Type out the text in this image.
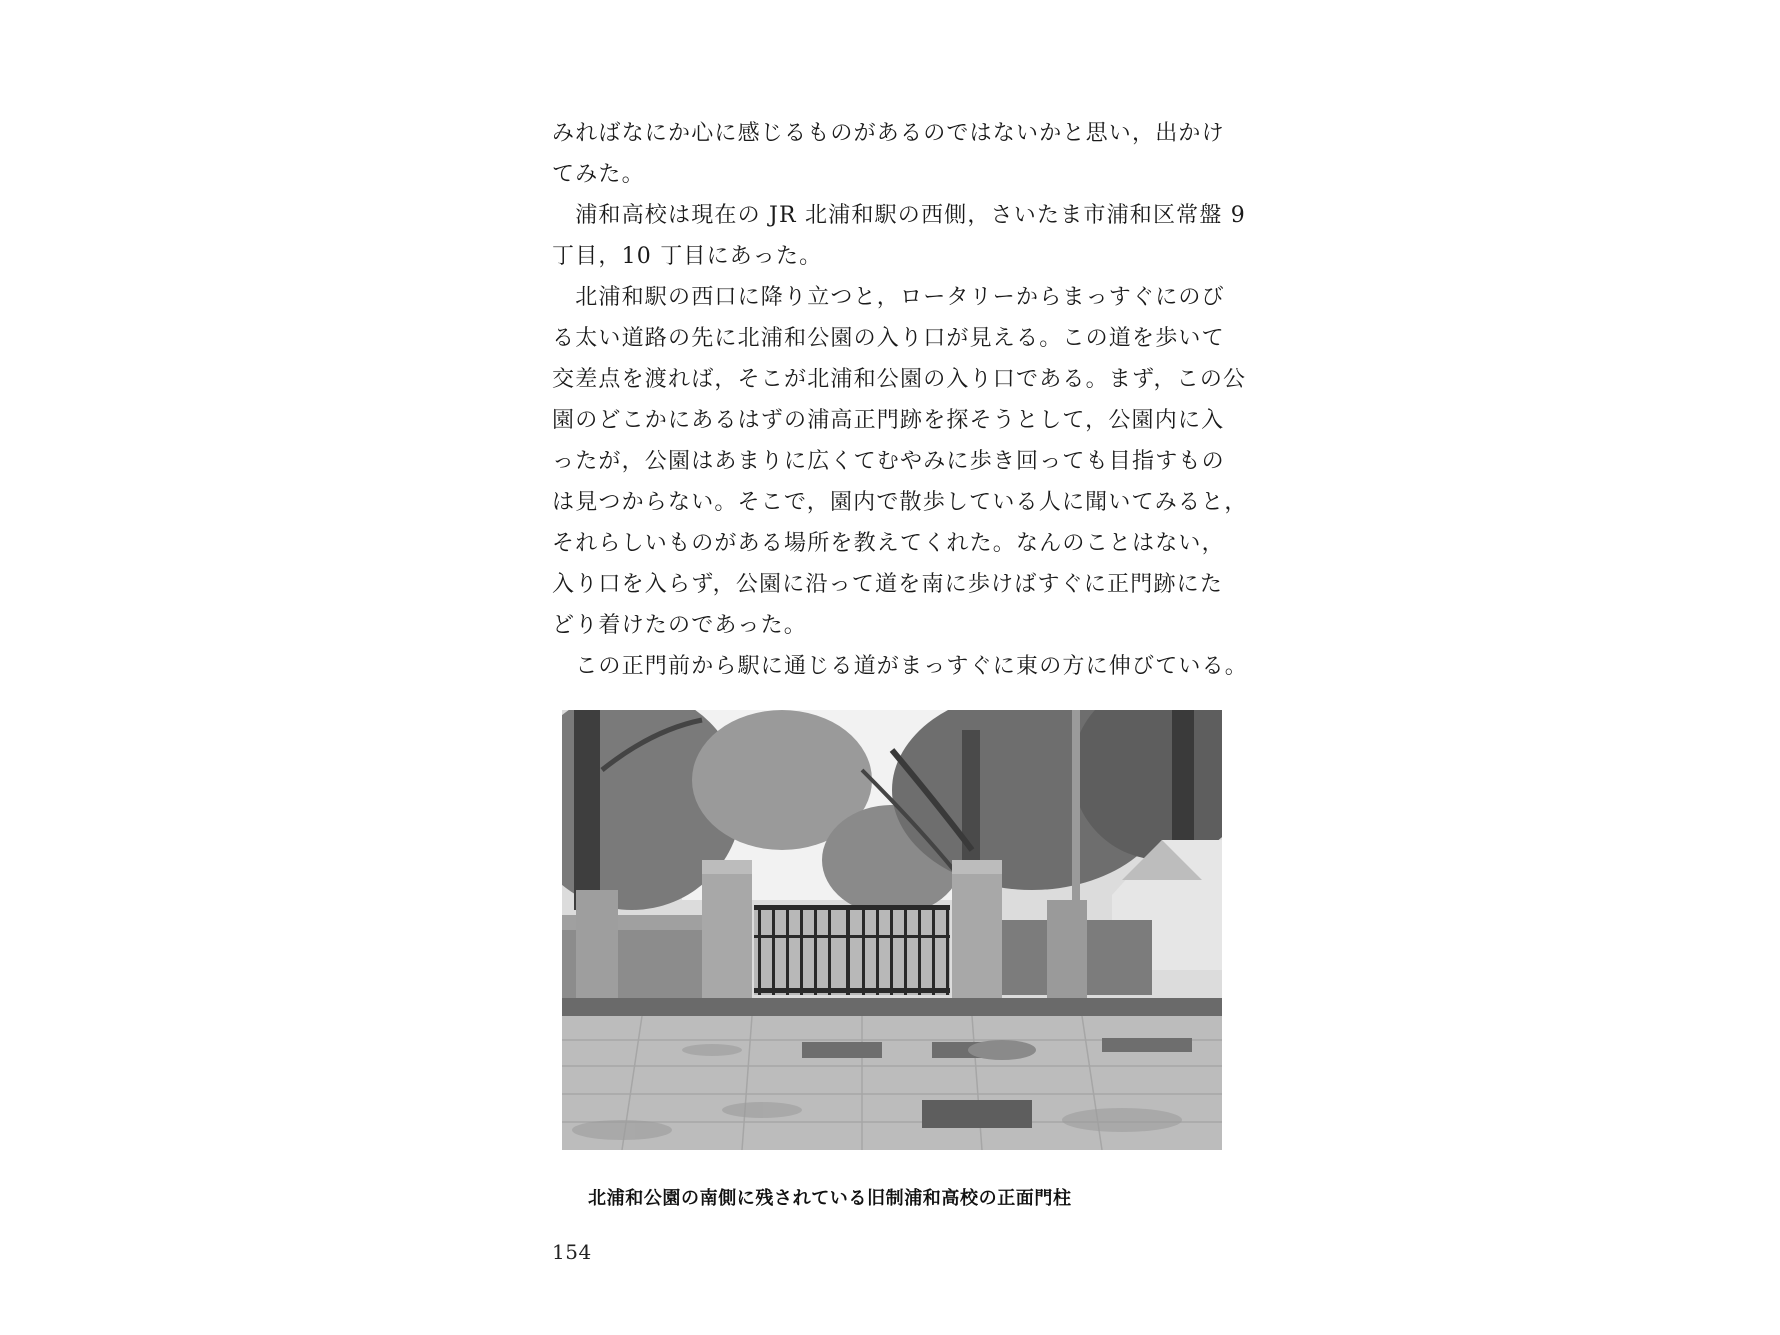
みればなにか心に感じるものがあるのではないかと思い，出かけ
てみた。
　浦和高校は現在の JR 北浦和駅の西側，さいたま市浦和区常盤 9
丁目，10 丁目にあった。
　北浦和駅の西口に降り立つと，ロータリーからまっすぐにのび
る太い道路の先に北浦和公園の入り口が見える。この道を歩いて
交差点を渡れば，そこが北浦和公園の入り口である。まず，この公
園のどこかにあるはずの浦高正門跡を探そうとして，公園内に入
ったが，公園はあまりに広くてむやみに歩き回っても目指すもの
は見つからない。そこで，園内で散歩している人に聞いてみると，
それらしいものがある場所を教えてくれた。なんのことはない，
入り口を入らず，公園に沿って道を南に歩けばすぐに正門跡にた
どり着けたのであった。
　この正門前から駅に通じる道がまっすぐに東の方に伸びている。
北浦和公園の南側に残されている旧制浦和高校の正面門柱
154
